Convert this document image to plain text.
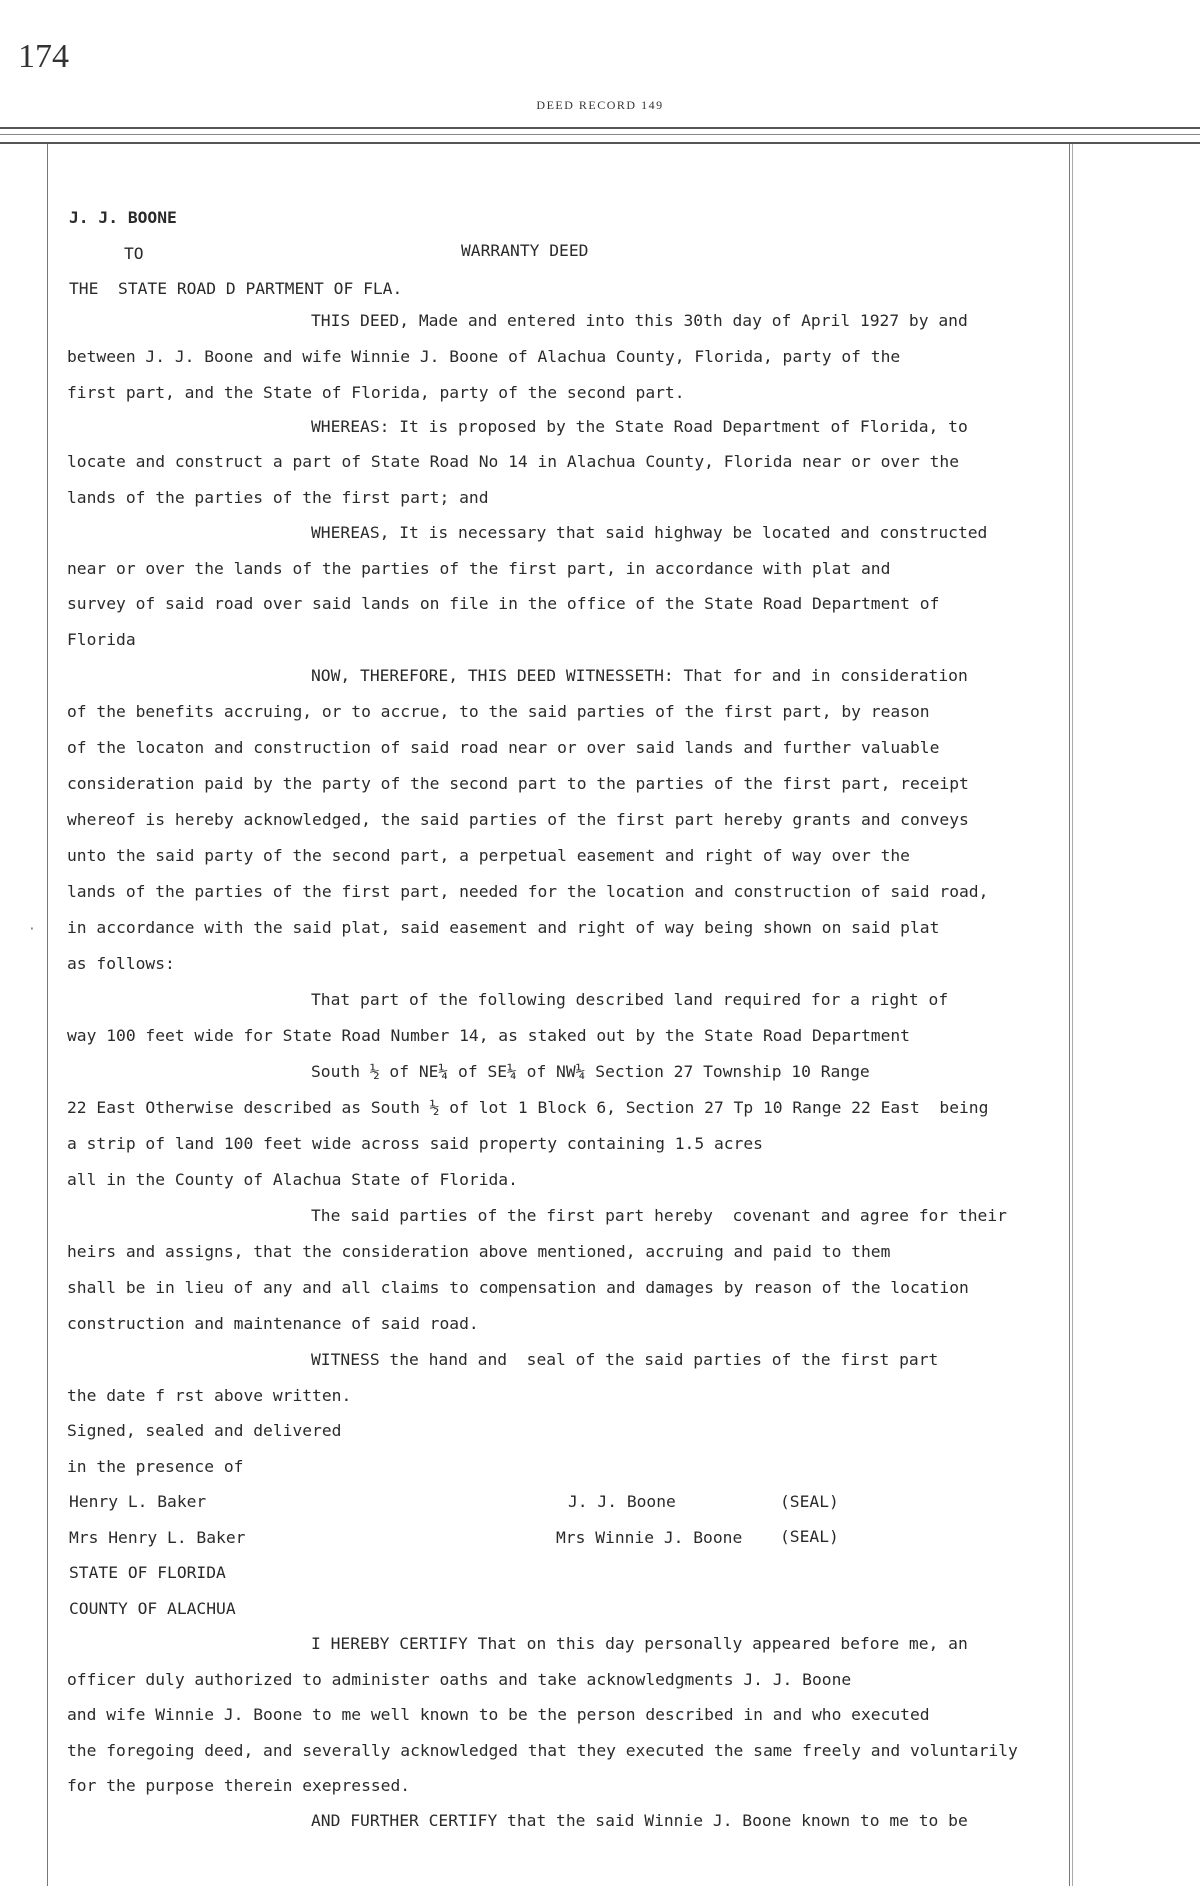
174
DEED RECORD 149
·
J. J. BOONE
TO	WARRANTY DEED
THE  STATE ROAD D PARTMENT OF FLA.
THIS DEED, Made and entered into this 30th day of April 1927 by and
between J. J. Boone and wife Winnie J. Boone of Alachua County, Florida, party of the
first part, and the State of Florida, party of the second part.
WHEREAS: It is proposed by the State Road Department of Florida, to
locate and construct a part of State Road No 14 in Alachua County, Florida near or over the
lands of the parties of the first part; and
WHEREAS, It is necessary that said highway be located and constructed
near or over the lands of the parties of the first part, in accordance with plat and
survey of said road over said lands on file in the office of the State Road Department of
Florida
NOW, THEREFORE, THIS DEED WITNESSETH: That for and in consideration
of the benefits accruing, or to accrue, to the said parties of the first part, by reason
of the locaton and construction of said road near or over said lands and further valuable
consideration paid by the party of the second part to the parties of the first part, receipt
whereof is hereby acknowledged, the said parties of the first part hereby grants and conveys
unto the said party of the second part, a perpetual easement and right of way over the
lands of the parties of the first part, needed for the location and construction of said road,
in accordance with the said plat, said easement and right of way being shown on said plat
as follows:
That part of the following described land required for a right of
way 100 feet wide for State Road Number 14, as staked out by the State Road Department
South ½ of NE¼ of SE¼ of NW¼ Section 27 Township 10 Range
22 East Otherwise described as South ½ of lot 1 Block 6, Section 27 Tp 10 Range 22 East  being
a strip of land 100 feet wide across said property containing 1.5 acres
all in the County of Alachua State of Florida.
The said parties of the first part hereby  covenant and agree for their
heirs and assigns, that the consideration above mentioned, accruing and paid to them
shall be in lieu of any and all claims to compensation and damages by reason of the location
construction and maintenance of said road.
WITNESS the hand and  seal of the said parties of the first part
the date f rst above written.
Signed, sealed and delivered
in the presence of
Henry L. Baker
Mrs Henry L. Baker
J. J. Boone
Mrs Winnie J. Boone
(SEAL)
(SEAL)
STATE OF FLORIDA
COUNTY OF ALACHUA
I HEREBY CERTIFY That on this day personally appeared before me, an
officer duly authorized to administer oaths and take acknowledgments J. J. Boone
and wife Winnie J. Boone to me well known to be the person described in and who executed
the foregoing deed, and severally acknowledged that they executed the same freely and voluntarily
for the purpose therein exepressed.
AND FURTHER CERTIFY that the said Winnie J. Boone known to me to be
